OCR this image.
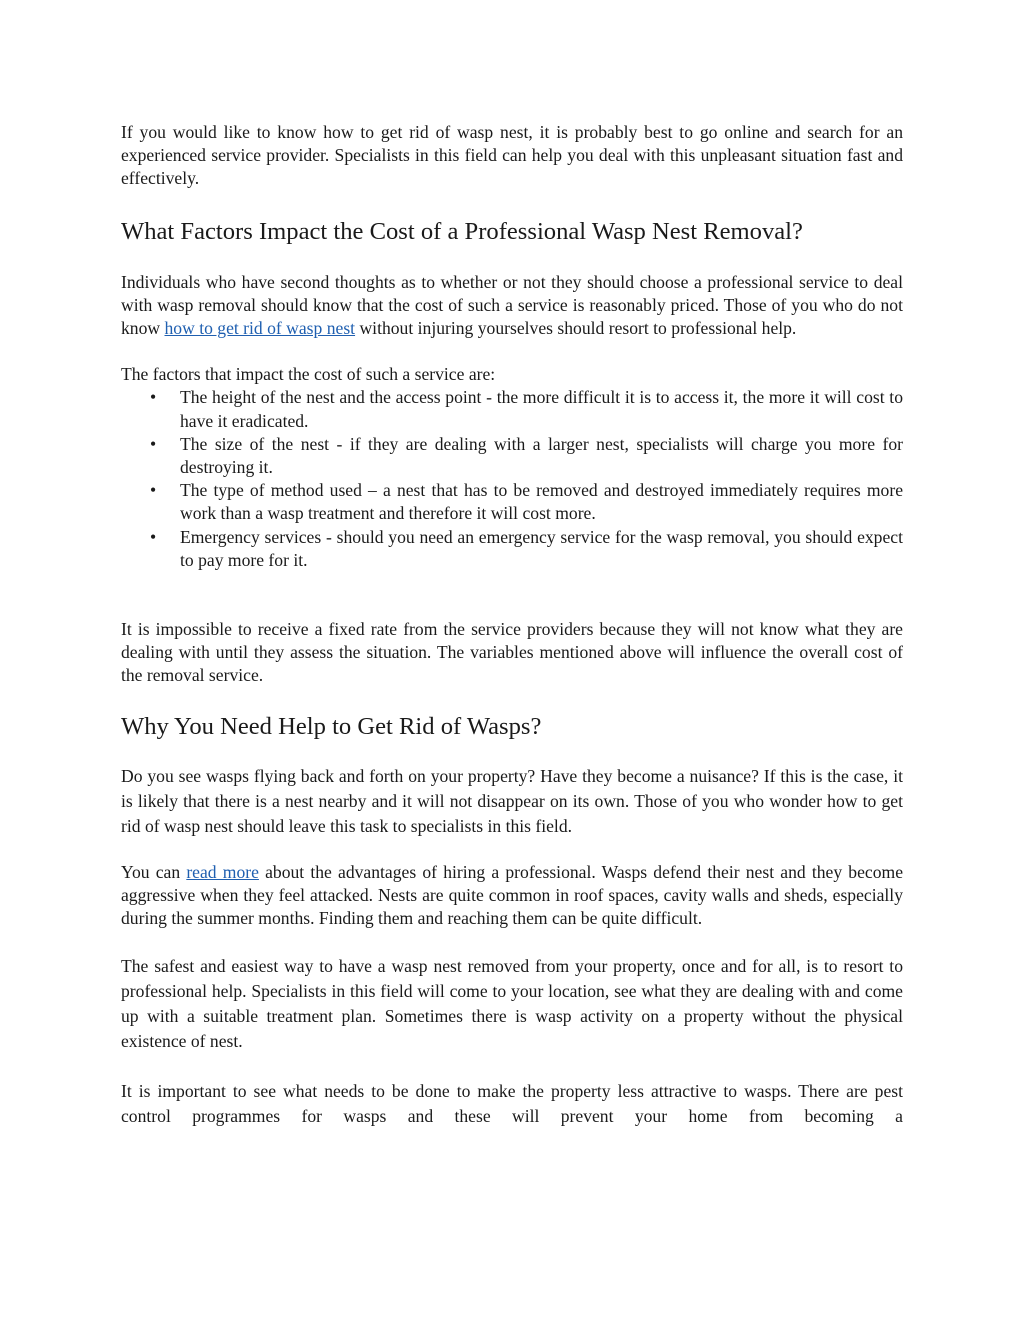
If you would like to know how to get rid of wasp nest, it is probably best to go online and search for an experienced service provider. Specialists in this field can help you deal with this unpleasant situation fast and effectively.

What Factors Impact the Cost of a Professional Wasp Nest Removal?

Individuals who have second thoughts as to whether or not they should choose a professional service to deal with wasp removal should know that the cost of such a service is reasonably priced. Those of you who do not know how to get rid of wasp nest without injuring yourselves should resort to professional help.

The factors that impact the cost of such a service are:

• The height of the nest and the access point - the more difficult it is to access it, the more it will cost to have it eradicated.
• The size of the nest - if they are dealing with a larger nest, specialists will charge you more for destroying it.
• The type of method used – a nest that has to be removed and destroyed immediately requires more work than a wasp treatment and therefore it will cost more.
• Emergency services - should you need an emergency service for the wasp removal, you should expect to pay more for it.

It is impossible to receive a fixed rate from the service providers because they will not know what they are dealing with until they assess the situation. The variables mentioned above will influence the overall cost of the removal service.

Why You Need Help to Get Rid of Wasps?

Do you see wasps flying back and forth on your property? Have they become a nuisance? If this is the case, it is likely that there is a nest nearby and it will not disappear on its own. Those of you who wonder how to get rid of wasp nest should leave this task to specialists in this field.

You can read more about the advantages of hiring a professional. Wasps defend their nest and they become aggressive when they feel attacked. Nests are quite common in roof spaces, cavity walls and sheds, especially during the summer months. Finding them and reaching them can be quite difficult.

The safest and easiest way to have a wasp nest removed from your property, once and for all, is to resort to professional help. Specialists in this field will come to your location, see what they are dealing with and come up with a suitable treatment plan. Sometimes there is wasp activity on a property without the physical existence of nest.

It is important to see what needs to be done to make the property less attractive to wasps. There are pest control programmes for wasps and these will prevent your home from becoming a
